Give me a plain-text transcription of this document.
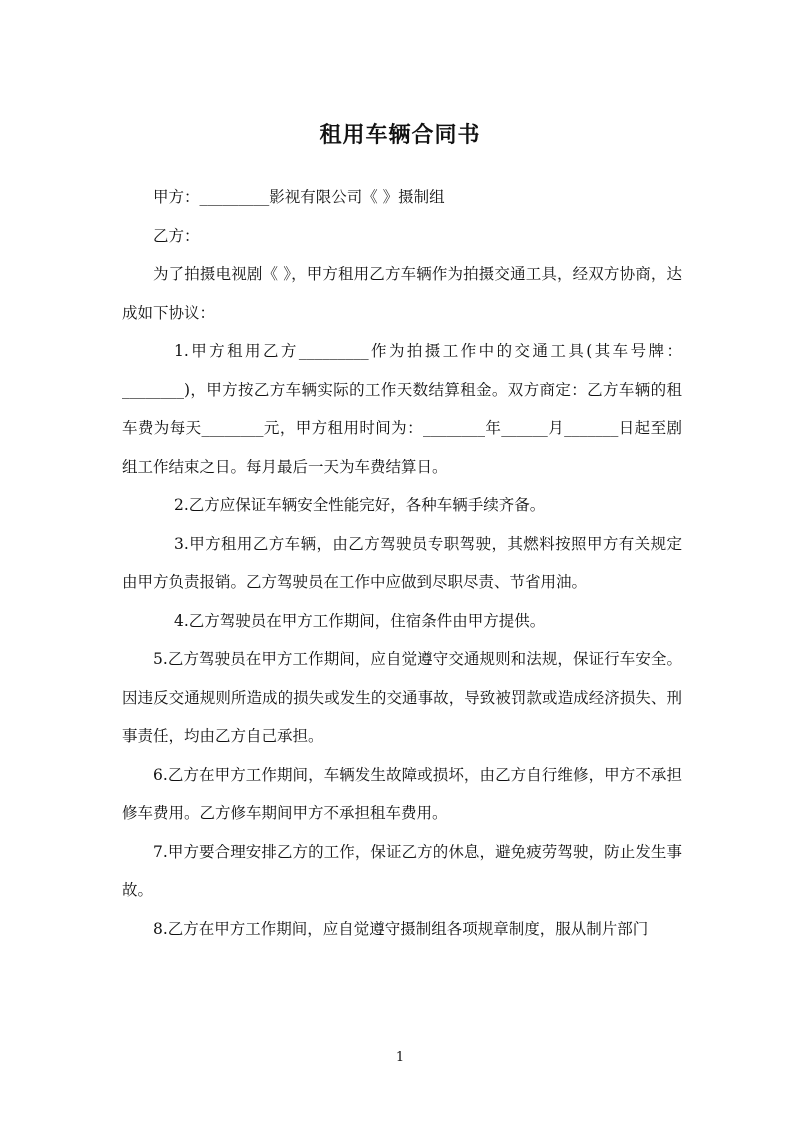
租用车辆合同书

甲方：_________影视有限公司《 》摄制组

乙方：

为了拍摄电视剧《 》，甲方租用乙方车辆作为拍摄交通工具，经双方协商，达成如下协议：

1.甲方租用乙方_________作为拍摄工作中的交通工具(其车号牌：________)，甲方按乙方车辆实际的工作天数结算租金。双方商定：乙方车辆的租车费为每天________元，甲方租用时间为：________年______月_______日起至剧组工作结束之日。每月最后一天为车费结算日。

2.乙方应保证车辆安全性能完好，各种车辆手续齐备。

3.甲方租用乙方车辆，由乙方驾驶员专职驾驶，其燃料按照甲方有关规定由甲方负责报销。乙方驾驶员在工作中应做到尽职尽责、节省用油。

4.乙方驾驶员在甲方工作期间，住宿条件由甲方提供。

5.乙方驾驶员在甲方工作期间，应自觉遵守交通规则和法规，保证行车安全。因违反交通规则所造成的损失或发生的交通事故，导致被罚款或造成经济损失、刑事责任，均由乙方自己承担。

6.乙方在甲方工作期间，车辆发生故障或损坏，由乙方自行维修，甲方不承担修车费用。乙方修车期间甲方不承担租车费用。

7.甲方要合理安排乙方的工作，保证乙方的休息，避免疲劳驾驶，防止发生事故。

8.乙方在甲方工作期间，应自觉遵守摄制组各项规章制度，服从制片部门

1
